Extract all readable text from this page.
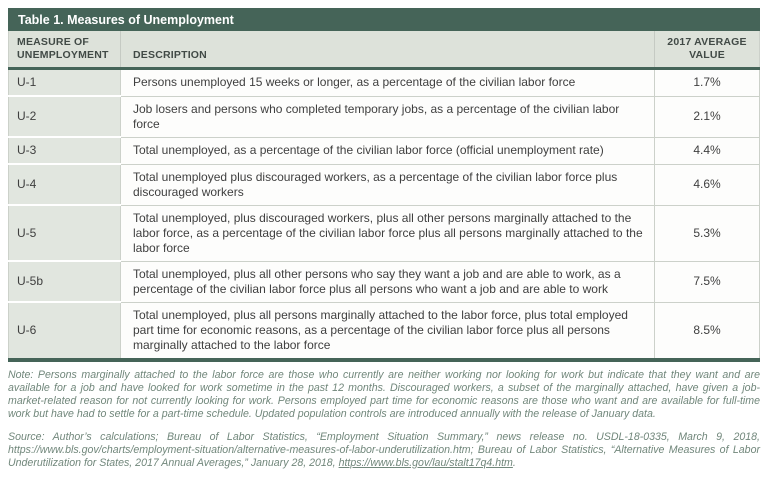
Table 1. Measures of Unemployment
MEASURE OF UNEMPLOYMENT	DESCRIPTION	2017 AVERAGE VALUE
U-1	Persons unemployed 15 weeks or longer, as a percentage of the civilian labor force	1.7%
U-2	Job losers and persons who completed temporary jobs, as a percentage of the civilian labor force	2.1%
U-3	Total unemployed, as a percentage of the civilian labor force (official unemployment rate)	4.4%
U-4	Total unemployed plus discouraged workers, as a percentage of the civilian labor force plus discouraged workers	4.6%
U-5	Total unemployed, plus discouraged workers, plus all other persons marginally attached to the labor force, as a percentage of the civilian labor force plus all persons marginally attached to the labor force	5.3%
U-5b	Total unemployed, plus all other persons who say they want a job and are able to work, as a percentage of the civilian labor force plus all persons who want a job and are able to work	7.5%
U-6	Total unemployed, plus all persons marginally attached to the labor force, plus total employed part time for economic reasons, as a percentage of the civilian labor force plus all persons marginally attached to the labor force	8.5%

Note: Persons marginally attached to the labor force are those who currently are neither working nor looking for work but indicate that they want and are available for a job and have looked for work sometime in the past 12 months. Discouraged workers, a subset of the marginally attached, have given a job-market-related reason for not currently looking for work. Persons employed part time for economic reasons are those who want and are available for full-time work but have had to settle for a part-time schedule. Updated population controls are introduced annually with the release of January data.

Source: Author’s calculations; Bureau of Labor Statistics, “Employment Situation Summary,” news release no. USDL-18-0335, March 9, 2018, https://www.bls.gov/charts/employment-situation/alternative-measures-of-labor-underutilization.htm; Bureau of Labor Statistics, “Alternative Measures of Labor Underutilization for States, 2017 Annual Averages,” January 28, 2018, https://www.bls.gov/lau/stalt17q4.htm.
